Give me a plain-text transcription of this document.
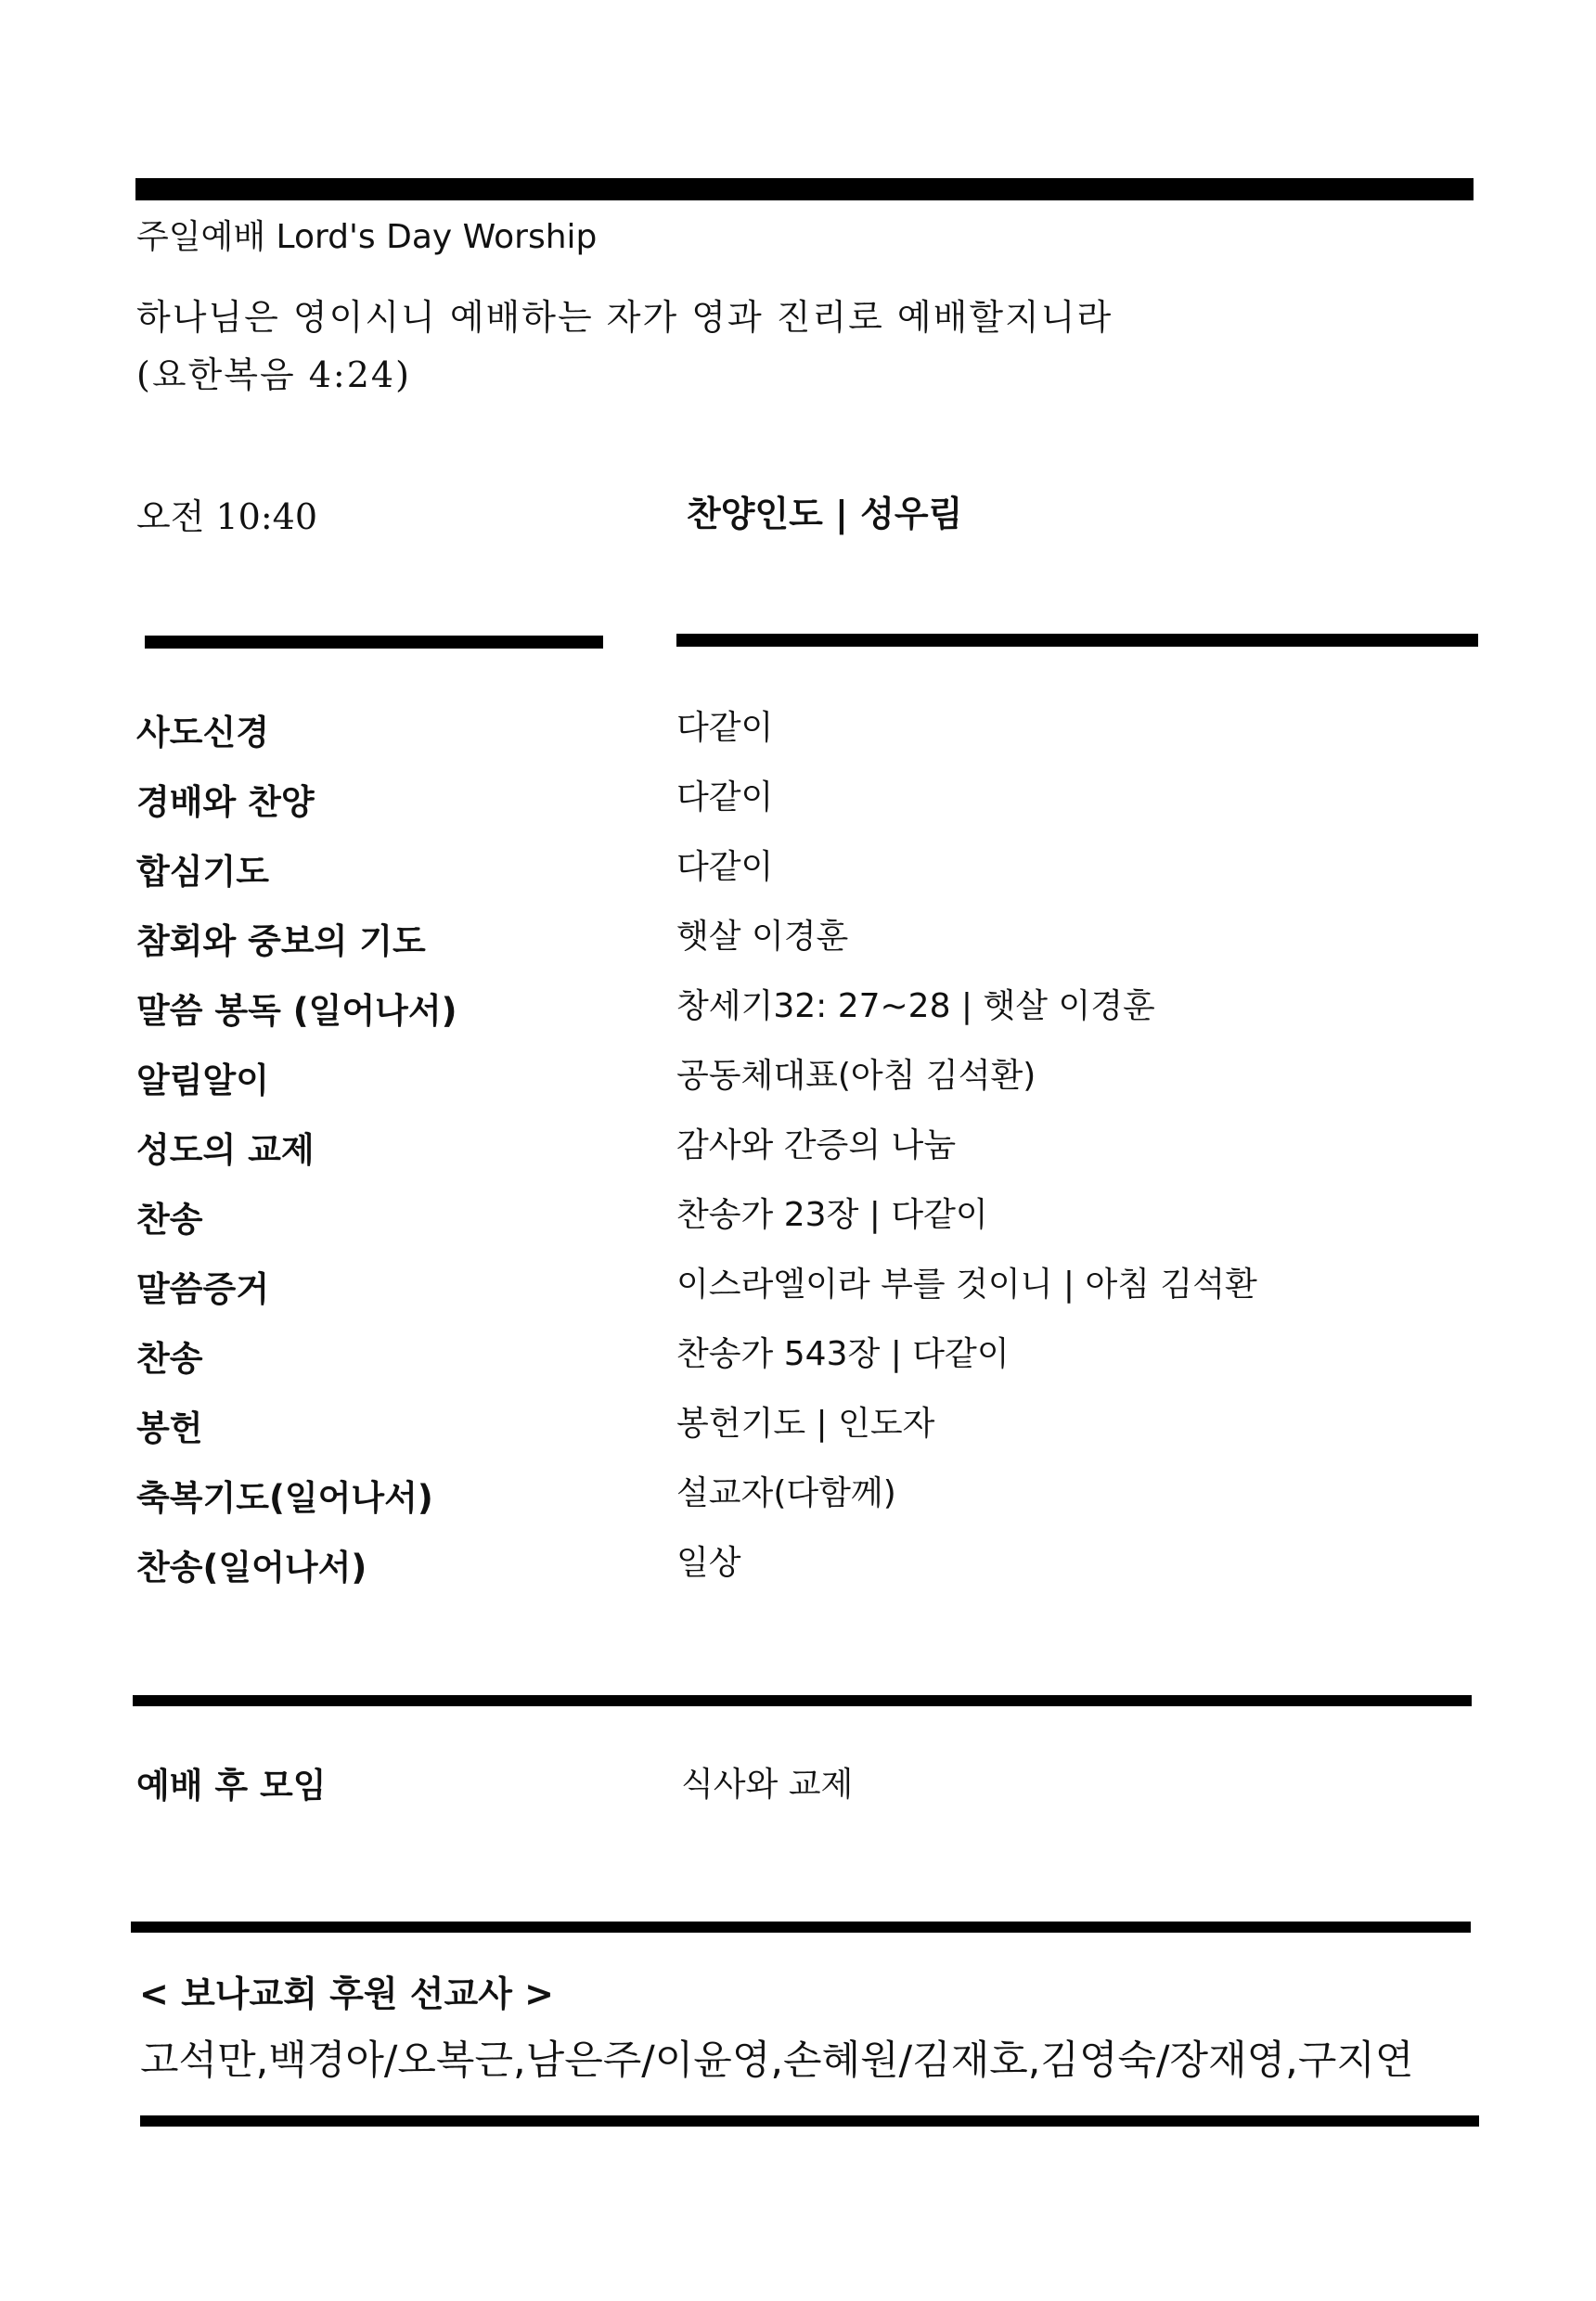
주일예배 Lord's Day Worship
하나님은 영이시니 예배하는 자가 영과 진리로 예배할지니라
(요한복음 4:24)
오전 10:40	찬양인도 | 성우림
사도신경	다같이
경배와 찬양	다같이
합심기도	다같이
참회와 중보의 기도	햇살 이경훈
말씀 봉독 (일어나서)	창세기32: 27~28 | 햇살 이경훈
알림알이	공동체대표(아침 김석환)
성도의 교제	감사와 간증의 나눔
찬송	찬송가 23장 | 다같이
말씀증거	이스라엘이라 부를 것이니 | 아침 김석환
찬송	찬송가 543장 | 다같이
봉헌	봉헌기도 | 인도자
축복기도(일어나서)	설교자(다함께)
찬송(일어나서)	일상
예배 후 모임	식사와 교제
< 보나교회 후원 선교사 >
고석만,백경아/오복근,남은주/이윤영,손혜원/김재호,김영숙/장재영,구지연
